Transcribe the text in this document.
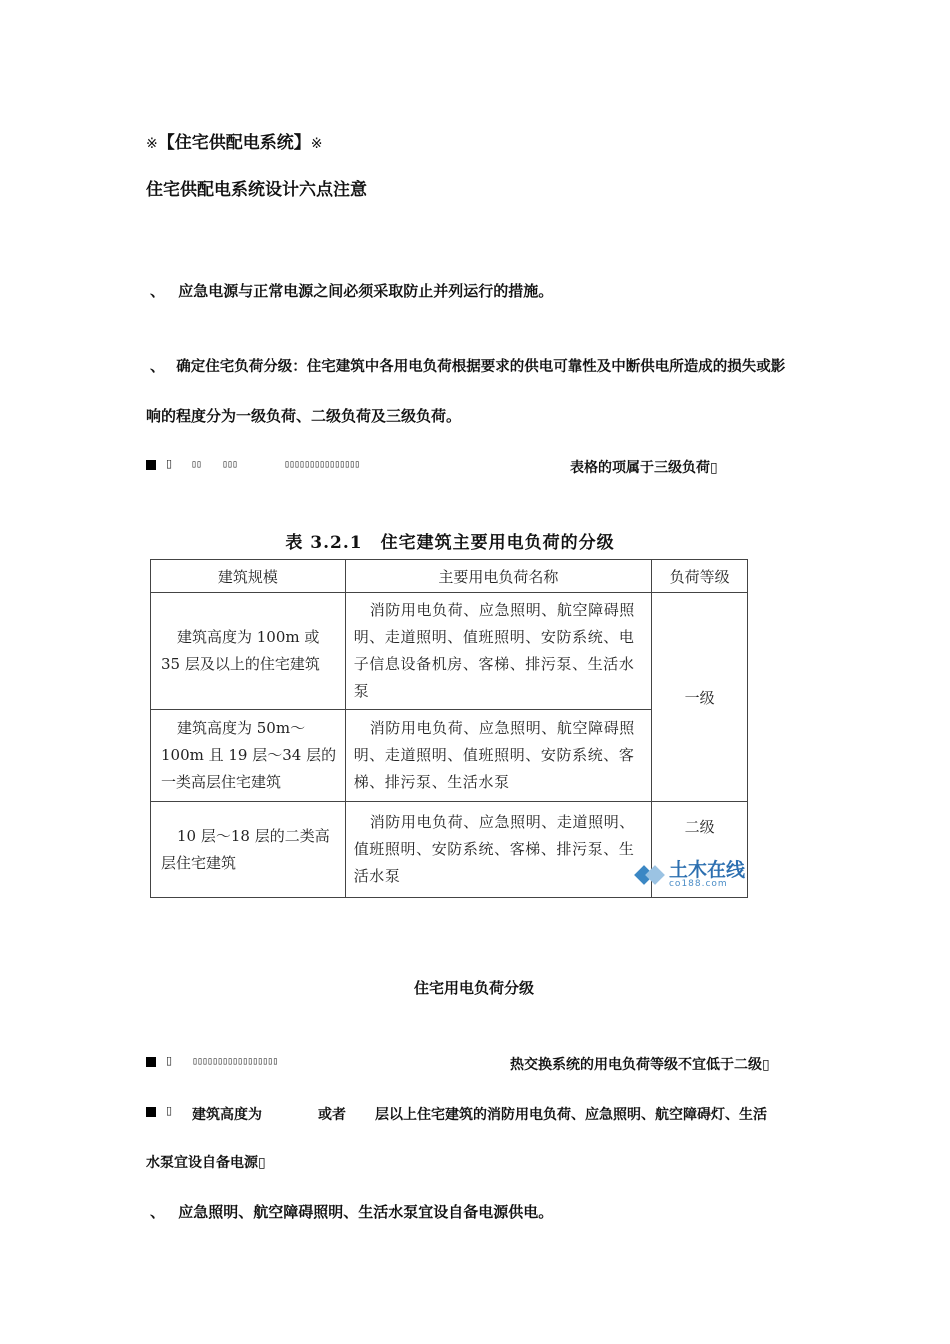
※【住宅供配电系统】※
住宅供配电系统设计六点注意
、 应急电源与正常电源之间必须采取防止并列运行的措施。
、 确定住宅负荷分级：住宅建筑中各用电负荷根据要求的供电可靠性及中断供电所造成的损失或影
响的程度分为一级负荷、二级负荷及三级负荷。
▯ ▯▯ ▯▯▯	▯▯▯▯▯▯▯▯▯▯▯▯▯▯▯	表格的项属于三级负荷▯
表 3.2.1　住宅建筑主要用电负荷的分级
建筑规模	主要用电负荷名称	负荷等级

建筑高度为 100m 或 35 层及以上的住宅建筑	消防用电负荷、应急照明、航空障碍照明、走道照明、值班照明、安防系统、电子信息设备机房、客梯、排污泵、生活水泵	一级

建筑高度为 50m～100m 且 19 层～34 层的一类高层住宅建筑	消防用电负荷、应急照明、航空障碍照明、走道照明、值班照明、安防系统、客梯、排污泵、生活水泵	

10 层～18 层的二类高层住宅建筑	消防用电负荷、应急照明、走道照明、值班照明、安防系统、客梯、排污泵、生活水泵	二级
土木在线
co188.com
住宅用电负荷分级
▯ ▯▯▯▯▯▯▯▯▯▯▯▯▯▯▯▯▯	热交换系统的用电负荷等级不宜低于二级▯
▯ 建筑高度为	或者 层以上住宅建筑的消防用电负荷、应急照明、航空障碍灯、生活
水泵宜设自备电源▯
、 应急照明、航空障碍照明、生活水泵宜设自备电源供电。
